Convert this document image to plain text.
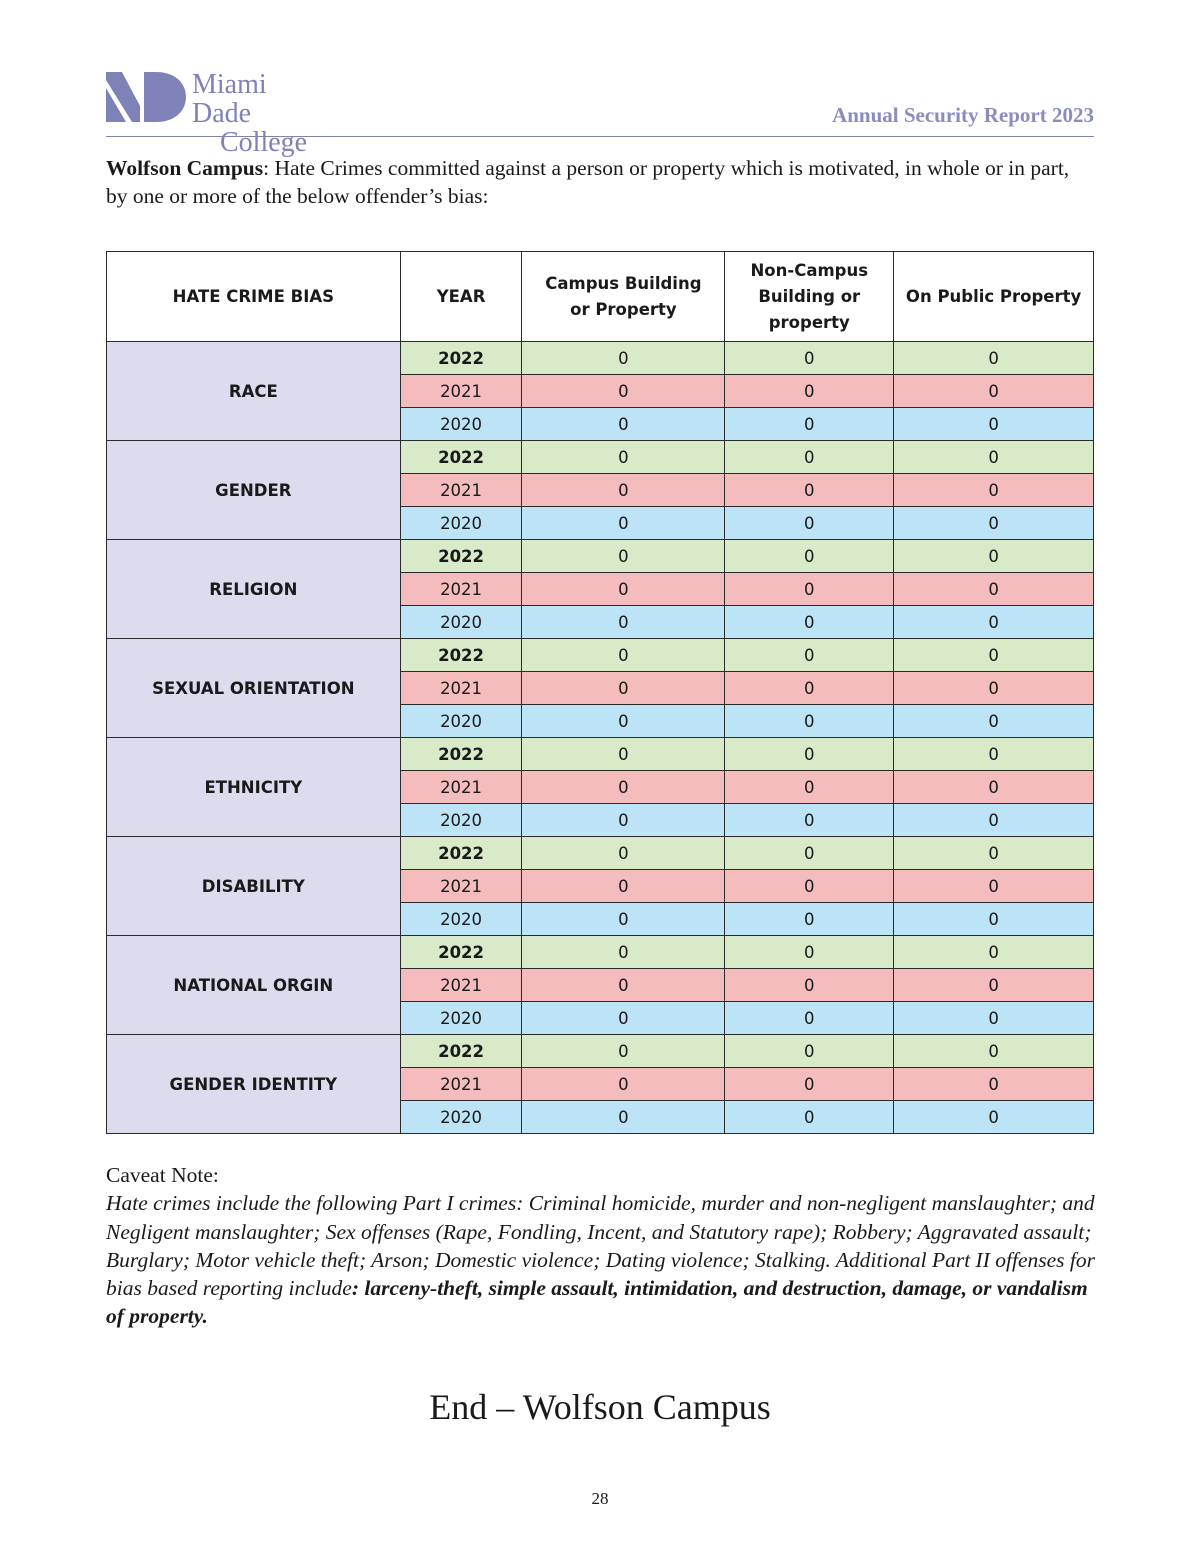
Miami Dade
College
Annual Security Report 2023
Wolfson Campus: Hate Crimes committed against a person or property which is motivated, in whole or in part, by one or more of the below offender’s bias:
HATE CRIME BIAS	YEAR	Campus Building or Property	Non-Campus Building or property	On Public Property
RACE	2022	0	0	0
	2021	0	0	0
	2020	0	0	0
GENDER	2022	0	0	0
	2021	0	0	0
	2020	0	0	0
RELIGION	2022	0	0	0
	2021	0	0	0
	2020	0	0	0
SEXUAL ORIENTATION	2022	0	0	0
	2021	0	0	0
	2020	0	0	0
ETHNICITY	2022	0	0	0
	2021	0	0	0
	2020	0	0	0
DISABILITY	2022	0	0	0
	2021	0	0	0
	2020	0	0	0
NATIONAL ORGIN	2022	0	0	0
	2021	0	0	0
	2020	0	0	0
GENDER IDENTITY	2022	0	0	0
	2021	0	0	0
	2020	0	0	0
Caveat Note:
Hate crimes include the following Part I crimes: Criminal homicide, murder and non-negligent manslaughter; and Negligent manslaughter; Sex offenses (Rape, Fondling, Incent, and Statutory rape); Robbery; Aggravated assault; Burglary; Motor vehicle theft; Arson; Domestic violence; Dating violence; Stalking. Additional Part II offenses for bias based reporting include: larceny-theft, simple assault, intimidation, and destruction, damage, or vandalism of property.
End – Wolfson Campus
28
